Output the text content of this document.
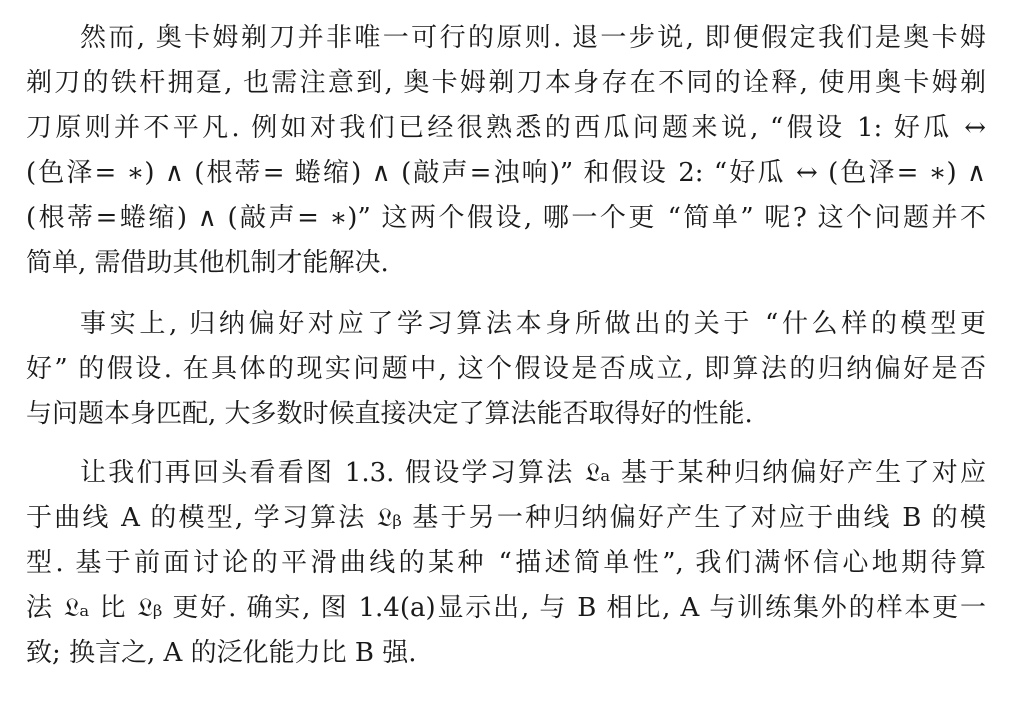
然而, 奥卡姆剃刀并非唯一可行的原则. 退一步说, 即便假定我们是奥卡姆
剃刀的铁杆拥趸, 也需注意到, 奥卡姆剃刀本身存在不同的诠释, 使用奥卡姆剃
刀原则并不平凡. 例如对我们已经很熟悉的西瓜问题来说, “假设 1: 好瓜 ↔
(色泽= ∗) ∧ (根蒂= 蜷缩) ∧ (敲声=浊响)” 和假设 2: “好瓜 ↔ (色泽= ∗) ∧
(根蒂=蜷缩) ∧ (敲声= ∗)” 这两个假设, 哪一个更 “简单” 呢? 这个问题并不
简单, 需借助其他机制才能解决.
事实上, 归纳偏好对应了学习算法本身所做出的关于 “什么样的模型更
好” 的假设. 在具体的现实问题中, 这个假设是否成立, 即算法的归纳偏好是否
与问题本身匹配, 大多数时候直接决定了算法能否取得好的性能.
让我们再回头看看图 1.3. 假设学习算法 𝔏ₐ 基于某种归纳偏好产生了对应
于曲线 A 的模型, 学习算法 𝔏ᵦ 基于另一种归纳偏好产生了对应于曲线 B 的模
型. 基于前面讨论的平滑曲线的某种 “描述简单性”, 我们满怀信心地期待算
法 𝔏ₐ 比 𝔏ᵦ 更好. 确实, 图 1.4(a)显示出, 与 B 相比, A 与训练集外的样本更一
致; 换言之, A 的泛化能力比 B 强.
